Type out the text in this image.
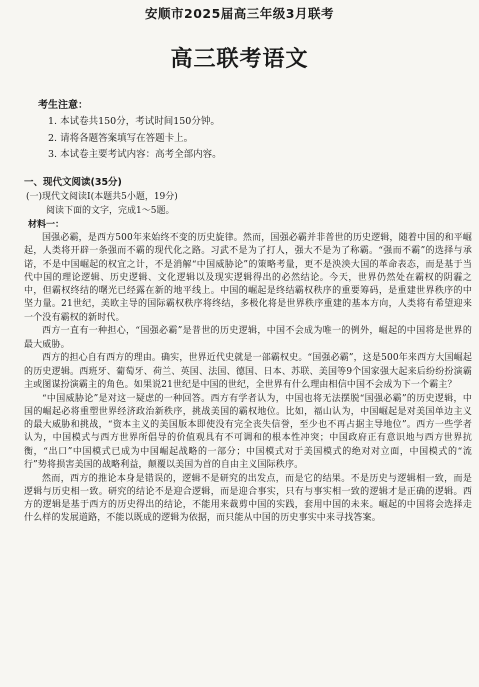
安顺市2025届高三年级3月联考
高三联考语文
考生注意：
1. 本试卷共150分，考试时间150分钟。
2. 请将各题答案填写在答题卡上。
3. 本试卷主要考试内容：高考全部内容。
一、现代文阅读(35分)
(一)现代文阅读Ⅰ(本题共5小题，19分)
阅读下面的文字，完成1～5题。
材料一：

国强必霸，是西方500年来始终不变的历史旋律。然而，国强必霸并非普世的历史逻辑，随着中国的和平崛起，人类将开辟一条强而不霸的现代化之路。习武不是为了打人，强大不是为了称霸。“强而不霸”的选择与承诺，不是中国崛起的权宜之计，不是消解“中国威胁论”的策略考量，更不是泱泱大国的革命表态，而是基于当代中国的理论逻辑、历史逻辑、文化逻辑以及现实逻辑得出的必然结论。今天，世界仍然处在霸权的阴霾之中，但霸权终结的曙光已经露在新的地平线上。中国的崛起是终结霸权秩序的重要筹码，是重建世界秩序的中坚力量。21世纪，美欧主导的国际霸权秩序将终结，多极化将是世界秩序重建的基本方向，人类将有希望迎来一个没有霸权的新时代。

西方一直有一种担心，“国强必霸”是普世的历史逻辑，中国不会成为唯一的例外，崛起的中国将是世界的最大威胁。

西方的担心自有西方的理由。确实，世界近代史就是一部霸权史。“国强必霸”，这是500年来西方大国崛起的历史逻辑。西班牙、葡萄牙、荷兰、英国、法国、德国、日本、苏联、美国等9个国家强大起来后纷纷扮演霸主或图谋扮演霸主的角色。如果说21世纪是中国的世纪，全世界有什么理由相信中国不会成为下一个霸主？

“中国威胁论”是对这一疑虑的一种回答。西方有学者认为，中国也将无法摆脱“国强必霸”的历史逻辑，中国的崛起必将重塑世界经济政治新秩序，挑战美国的霸权地位。比如，福山认为，中国崛起是对美国单边主义的最大威胁和挑战，“资本主义的美国版本即使没有完全丧失信誉，至少也不再占据主导地位”。西方一些学者认为，中国模式与西方世界所倡导的价值观具有不可调和的根本性冲突；中国政府正有意识地与西方世界抗衡，“出口”中国模式已成为中国崛起战略的一部分；中国模式对于美国模式的绝对对立面，中国模式的“流行”势将损害美国的战略利益，颠覆以美国为首的自由主义国际秩序。

然而，西方的推论本身是错误的，逻辑不是研究的出发点，而是它的结果。不是历史与逻辑相一致，而是逻辑与历史相一致。研究的结论不是迎合逻辑，而是迎合事实，只有与事实相一致的逻辑才是正确的逻辑。西方的逻辑是基于西方的历史得出的结论，不能用来裁剪中国的实践，套用中国的未来。崛起的中国将会选择走什么样的发展道路，不能以既成的逻辑为依据，而只能从中国的历史事实中来寻找答案。
